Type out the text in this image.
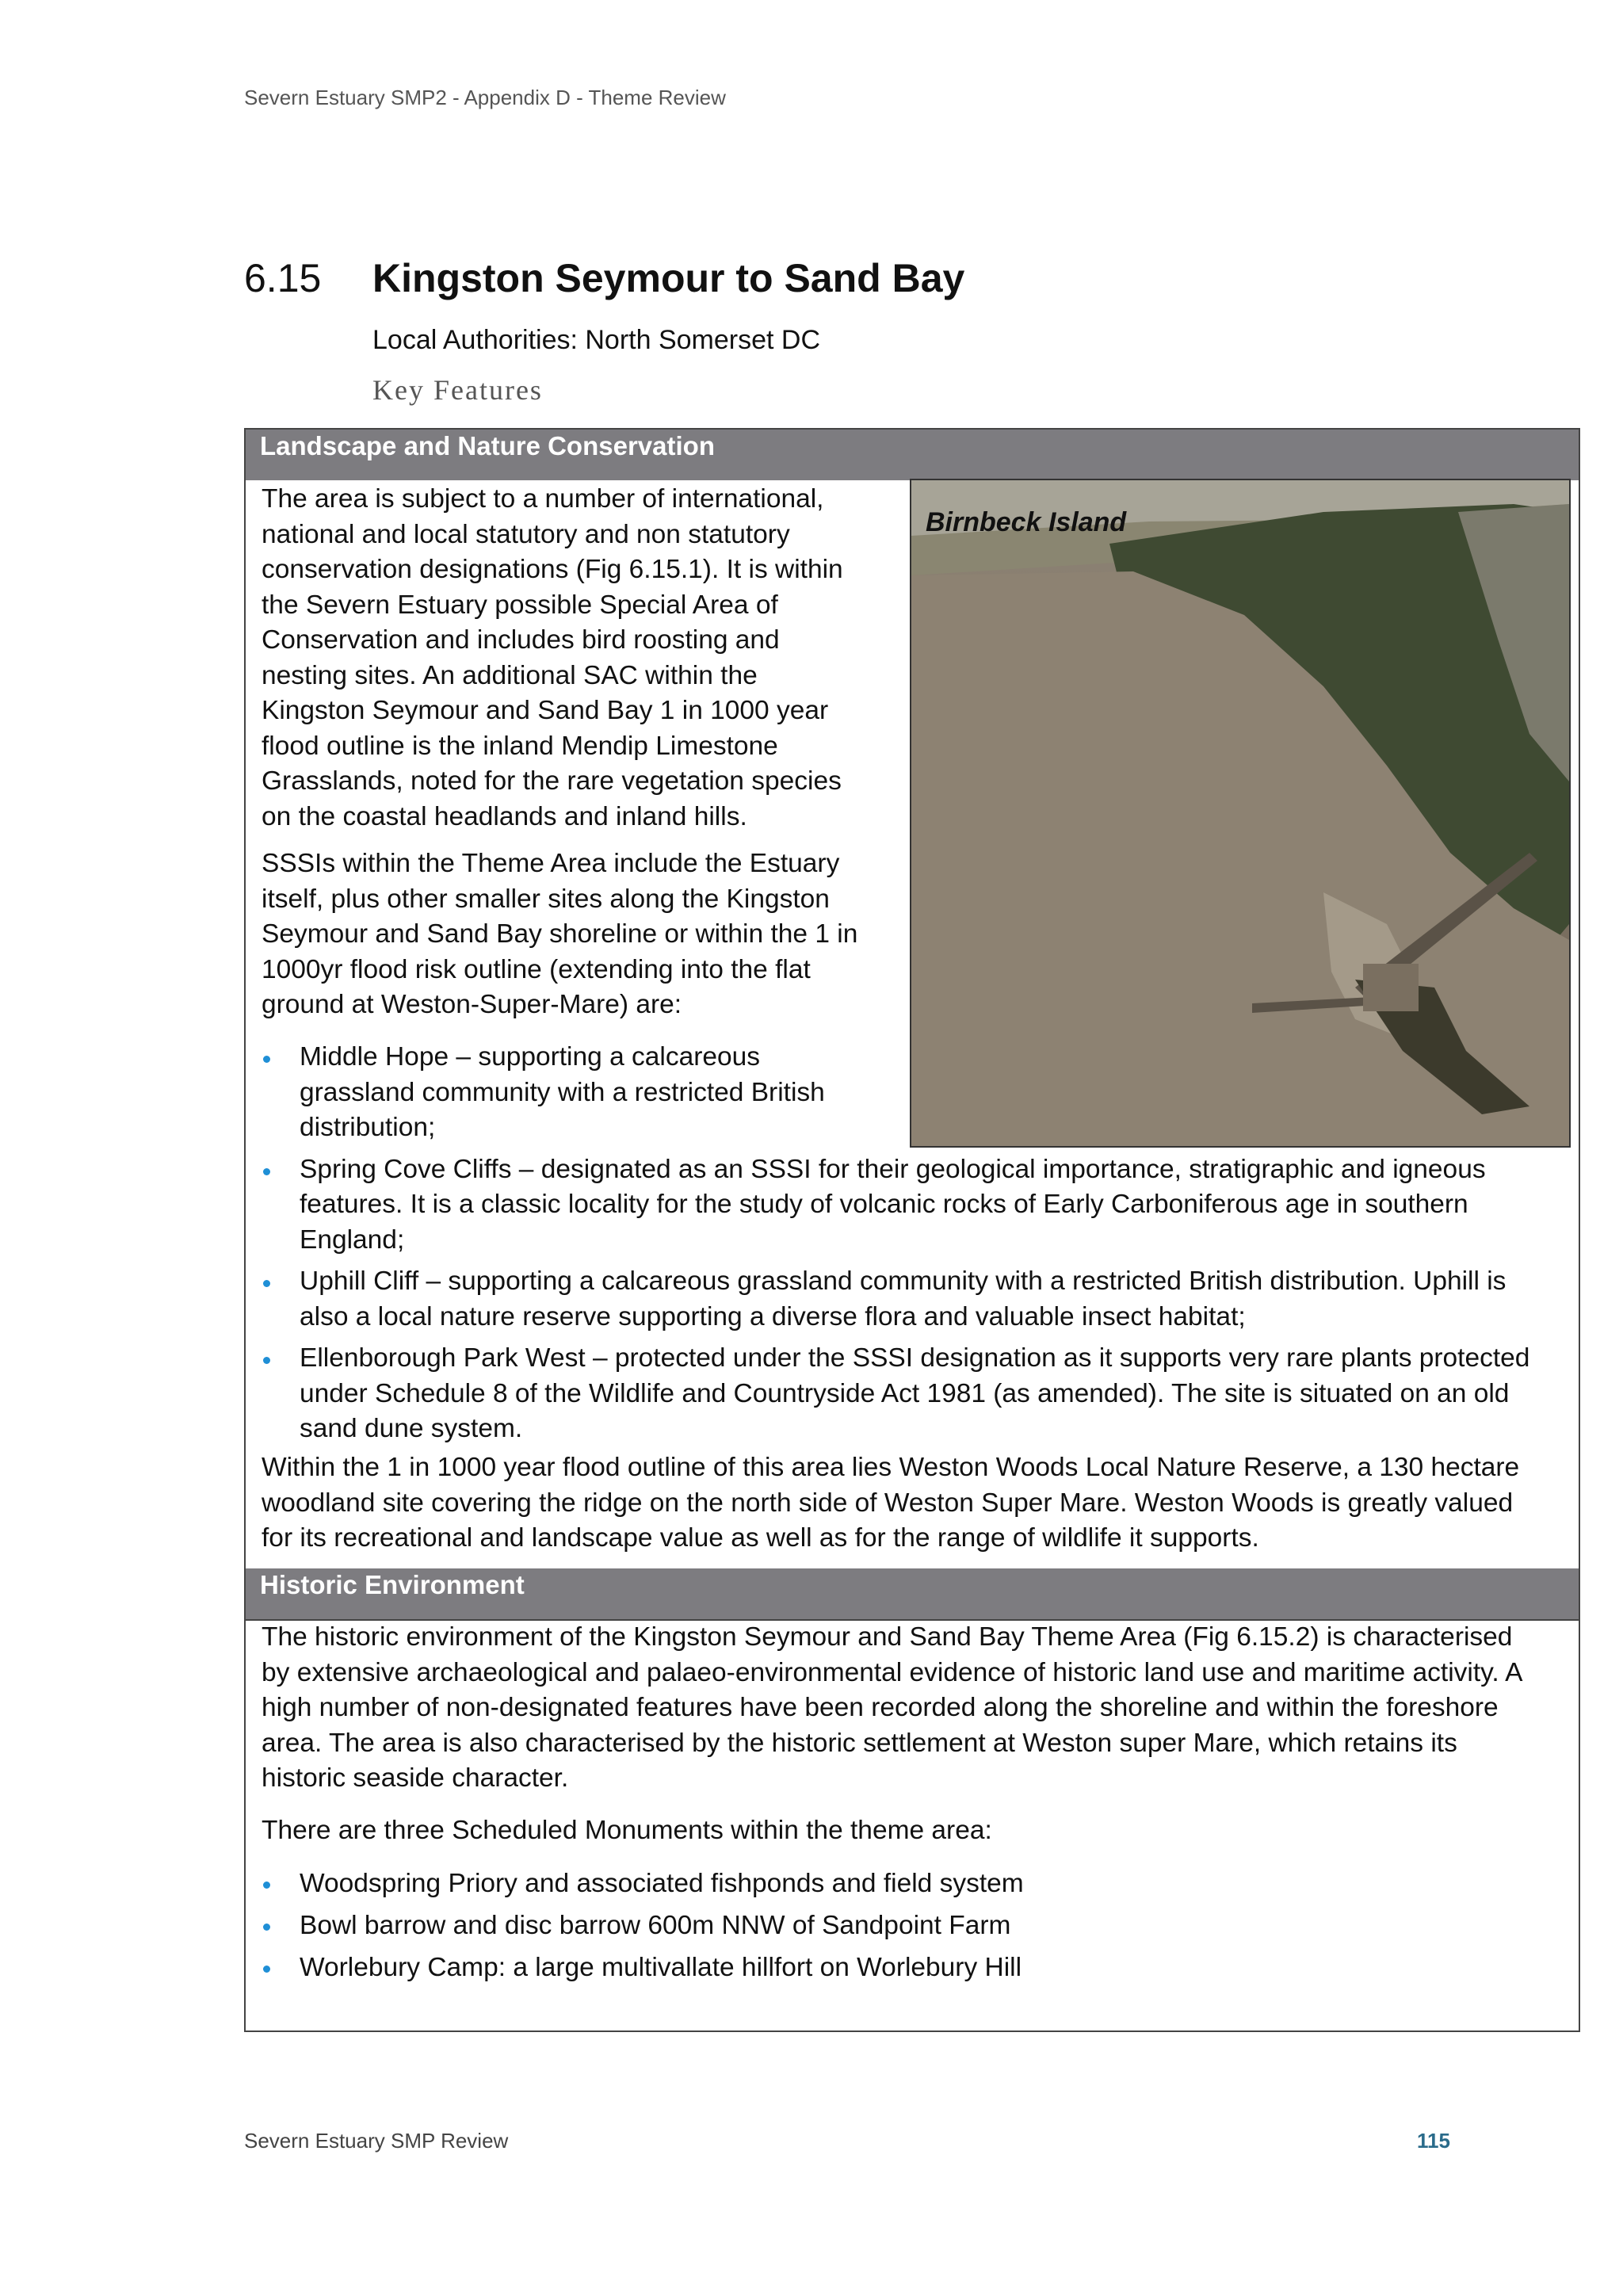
Severn Estuary SMP2 - Appendix D - Theme Review
6.15 Kingston Seymour to Sand Bay
Local Authorities: North Somerset DC
Key Features
Landscape and Nature Conservation
Birnbeck Island
The area is subject to a number of international,
national and local statutory and non statutory
conservation designations (Fig 6.15.1). It is within
the Severn Estuary possible Special Area of
Conservation and includes bird roosting and
nesting sites. An additional SAC within the
Kingston Seymour and Sand Bay 1 in 1000 year
flood outline is the inland Mendip Limestone
Grasslands, noted for the rare vegetation species
on the coastal headlands and inland hills.
SSSIs within the Theme Area include the Estuary
itself, plus other smaller sites along the Kingston
Seymour and Sand Bay shoreline or within the 1 in
1000yr flood risk outline (extending into the flat
ground at Weston-Super-Mare) are:
Middle Hope – supporting a calcareous
grassland community with a restricted British
distribution;
Spring Cove Cliffs – designated as an SSSI for their geological importance, stratigraphic and igneous
features. It is a classic locality for the study of volcanic rocks of Early Carboniferous age in southern
England;
Uphill Cliff – supporting a calcareous grassland community with a restricted British distribution. Uphill is
also a local nature reserve supporting a diverse flora and valuable insect habitat;
Ellenborough Park West – protected under the SSSI designation as it supports very rare plants protected
under Schedule 8 of the Wildlife and Countryside Act 1981 (as amended). The site is situated on an old
sand dune system.
Within the 1 in 1000 year flood outline of this area lies Weston Woods Local Nature Reserve, a 130 hectare
woodland site covering the ridge on the north side of Weston Super Mare. Weston Woods is greatly valued
for its recreational and landscape value as well as for the range of wildlife it supports.
Historic Environment
The historic environment of the Kingston Seymour and Sand Bay Theme Area (Fig 6.15.2) is characterised
by extensive archaeological and palaeo-environmental evidence of historic land use and maritime activity. A
high number of non-designated features have been recorded along the shoreline and within the foreshore
area. The area is also characterised by the historic settlement at Weston super Mare, which retains its
historic seaside character.
There are three Scheduled Monuments within the theme area:
Woodspring Priory and associated fishponds and field system
Bowl barrow and disc barrow 600m NNW of Sandpoint Farm
Worlebury Camp: a large multivallate hillfort on Worlebury Hill
Severn Estuary SMP Review	115
